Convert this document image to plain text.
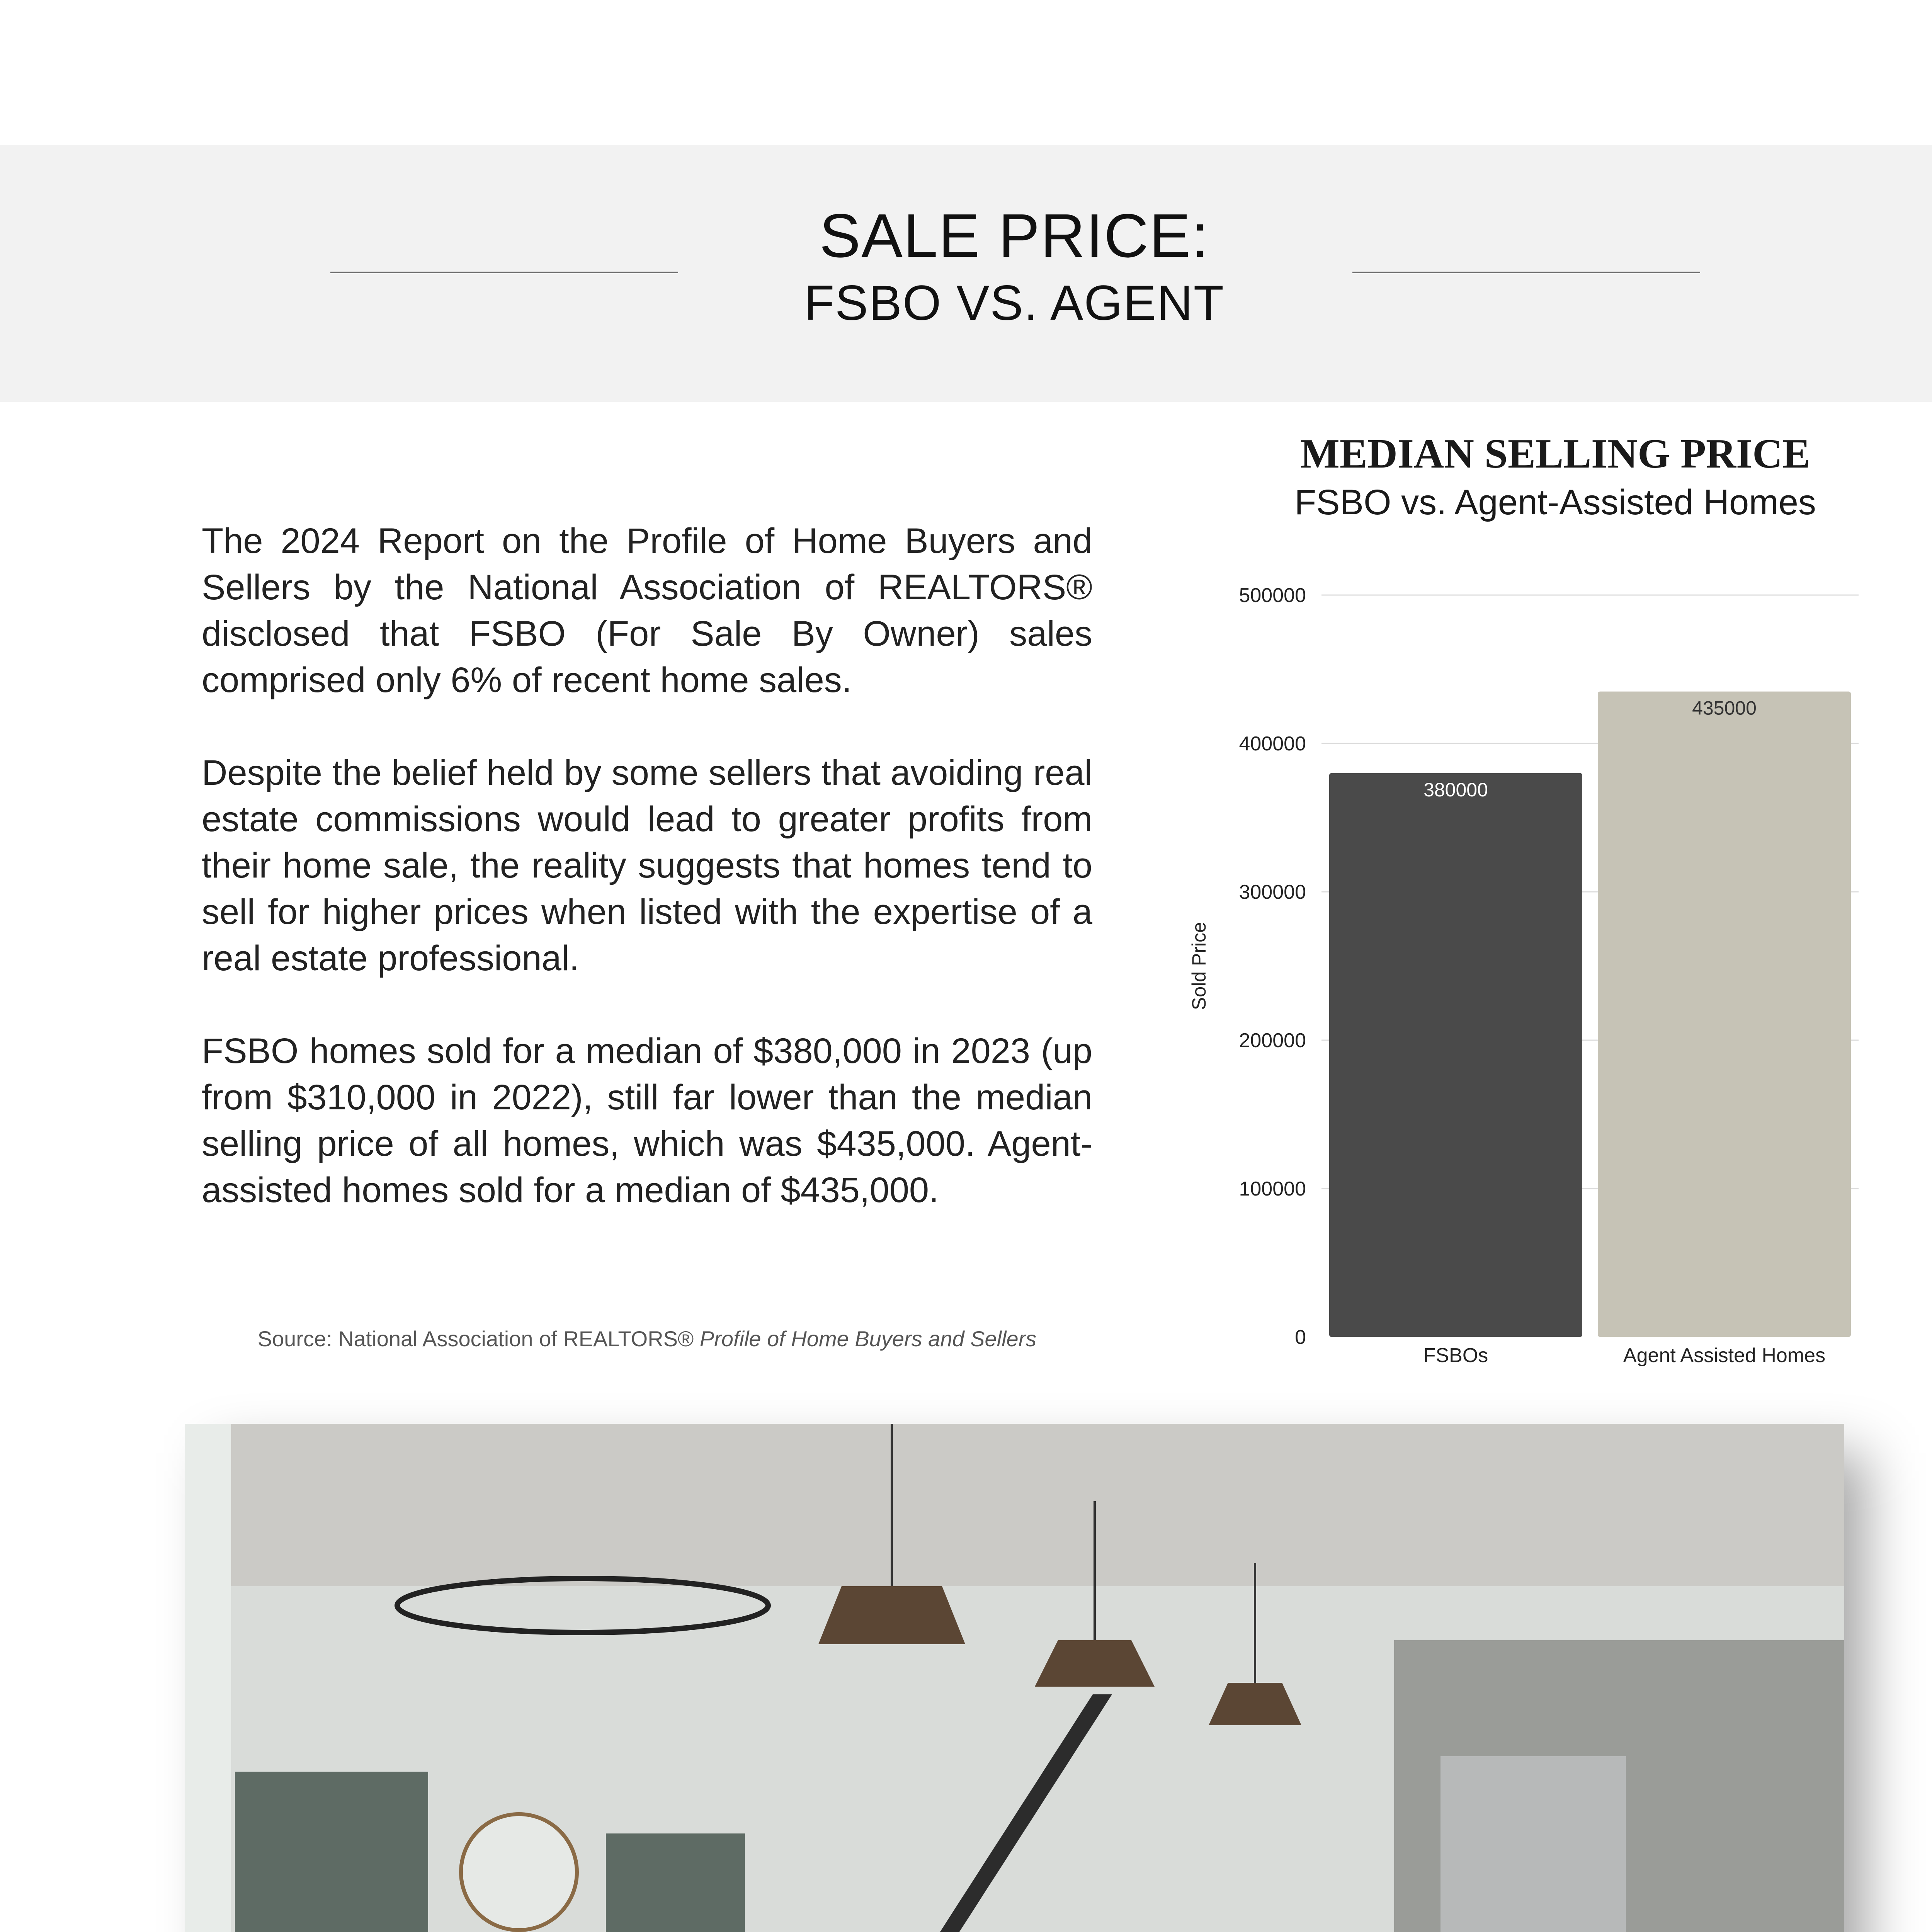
SALE PRICE:
FSBO VS. AGENT
The 2024 Report on the Profile of Home Buyers and Sellers by the National Association of REALTORS® disclosed that FSBO (For Sale By Owner) sales comprised only 6% of recent home sales.
Despite the belief held by some sellers that avoiding real estate commissions would lead to greater profits from their home sale, the reality suggests that homes tend to sell for higher prices when listed with the expertise of a real estate professional.
FSBO homes sold for a median of $380,000 in 2023 (up from $310,000 in 2022), still far lower than the median selling price of all homes, which was $435,000. Agent-assisted homes sold for a median of $435,000.
Source: National Association of REALTORS® Profile of Home Buyers and Sellers
MEDIAN SELLING PRICE
FSBO vs. Agent-Assisted Homes
0
100000
200000
300000
400000
500000
380000
FSBOs
435000
Agent Assisted Homes
Sold Price
